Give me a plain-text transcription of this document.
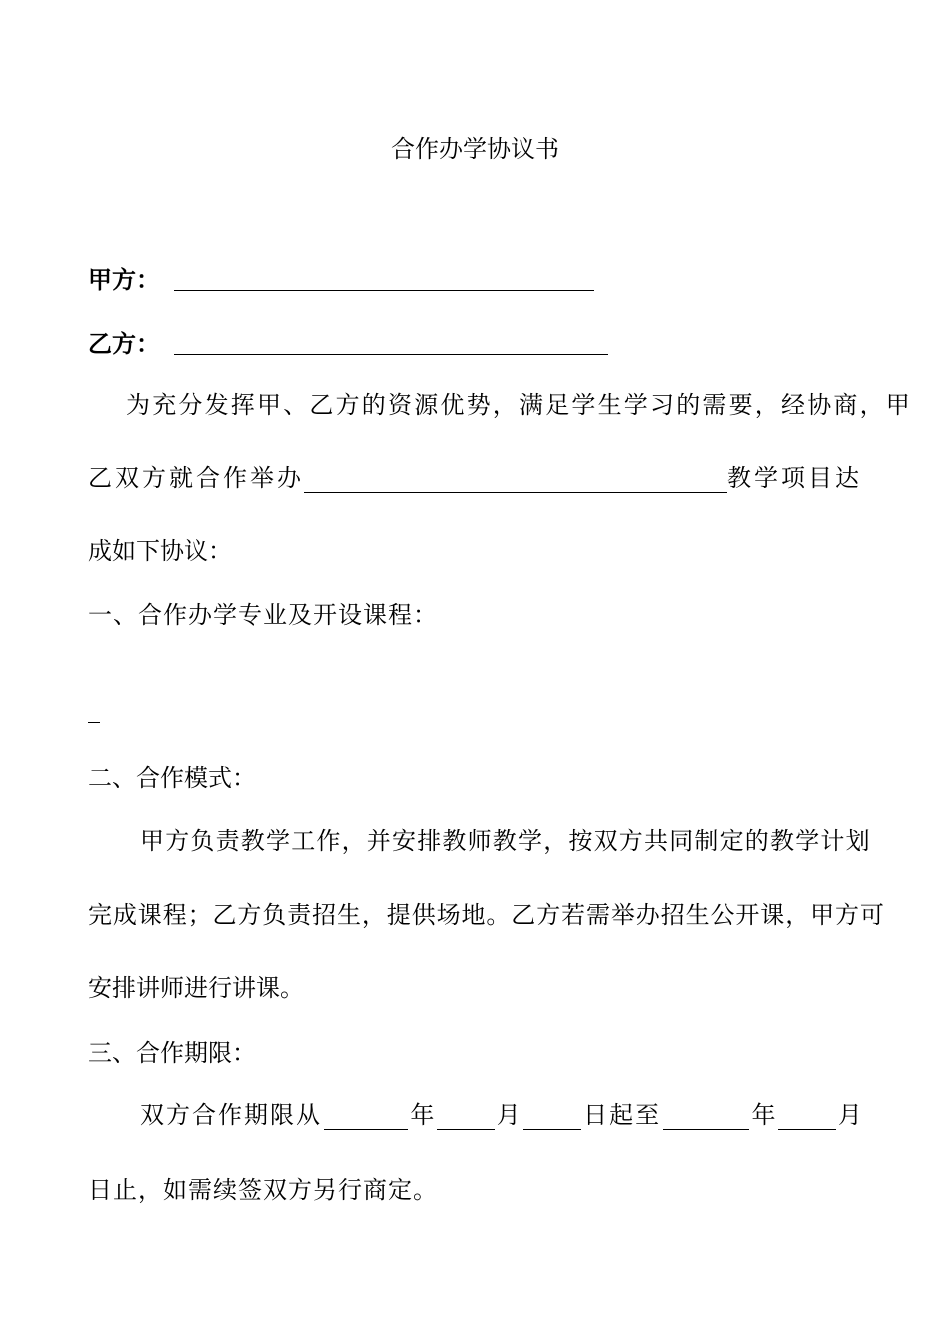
合作办学协议书
甲方：
乙方：
为充分发挥甲、乙方的资源优势，满足学生学习的需要，经协商，甲
乙双方就合作举办	教学项目达
成如下协议：
一、合作办学专业及开设课程：
二、合作模式：
甲方负责教学工作，并安排教师教学，按双方共同制定的教学计划
完成课程；乙方负责招生，提供场地。乙方若需举办招生公开课，甲方可
安排讲师进行讲课。
三、合作期限：
双方合作期限从	年	月	日起至	年	月
日止，如需续签双方另行商定。
